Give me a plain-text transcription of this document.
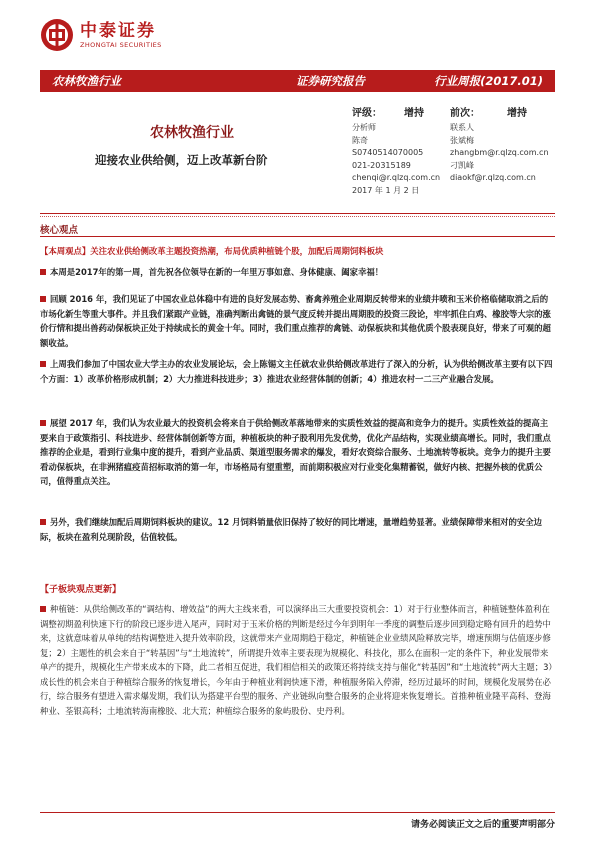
中泰证券
ZHONGTAI SECURITIES
农林牧渔行业	证券研究报告	行业周报(2017.01)
农林牧渔行业
迎接农业供给侧，迈上改革新台阶
评级： 增持	前次：	增持
分析师
陈奇
S0740514070005
021-20315189
chenqi@r.qlzq.com.cn
2017 年 1 月 2 日
联系人
张斌梅
zhangbm@r.qlzq.com.cn
刁凯峰
diaokf@r.qlzq.com.cn
核心观点
【本周观点】关注农业供给侧改革主题投资热潮，布局优质种植链个股，加配后周期饲料板块
本周是2017年的第一周，首先祝各位领导在新的一年里万事如意、身体健康、阖家幸福！
回顾 2016 年，我们见证了中国农业总体稳中有进的良好发展态势、畜禽养殖企业周期反转带来的业绩井喷和玉米价格临储取消之后的市场化新生等重大事件。并且我们紧跟产业链，准确判断出禽链的景气度反转并提出周期股的投资三段论，牢牢抓住白鸡、橡胶等大宗的涨价行情和提出兽药动保板块正处于持续成长的黄金十年。同时，我们重点推荐的禽链、动保板块和其他优质个股表现良好，带来了可观的超额收益。
上周我们参加了中国农业大学主办的农业发展论坛，会上陈锡文主任就农业供给侧改革进行了深入的分析，认为供给侧改革主要有以下四个方面：1）改革价格形成机制；2）大力推进科技进步；3）推进农业经营体制的创新；4）推进农村一二三产业融合发展。
展望 2017 年，我们认为农业最大的投资机会将来自于供给侧改革落地带来的实质性效益的提高和竞争力的提升。实质性效益的提高主要来自于政策指引、科技进步、经营体制创新等方面，种植板块的种子股利用先发优势，优化产品结构，实现业绩高增长。同时，我们重点推荐的企业是，看到行业集中度的提升，看到产业品质、渠道型服务需求的爆发，看好农资综合服务、土地流转等板块。竞争力的提升主要看动保板块，在非洲猪瘟疫苗招标取消的第一年，市场格局有望重塑，而前期积极应对行业变化集精蓄锐，做好内核、把握外核的优质公司，值得重点关注。
另外，我们继续加配后周期饲料板块的建议。12 月饲料销量依旧保持了较好的同比增速，量增趋势显著。业绩保障带来相对的安全边际，板块在盈利兑现阶段，估值较低。
【子板块观点更新】
种植链：从供给侧改革的“调结构、增效益”的两大主线来看，可以演绎出三大重要投资机会：1）对于行业整体而言，种植链整体盈利在调整初期盈利快速下行的阶段已逐步进入尾声，同时对于玉米价格的判断是经过今年到明年一季度的调整后逐步回到稳定略有回升的趋势中来，这就意味着从单纯的结构调整进入提升效率阶段，这就带来产业周期趋于稳定，种植链企业业绩风险释放完毕，增速预期与估值逐步修复；2）主题性的机会来自于“转基因”与“土地流转”，所谓提升效率主要表现为规模化、科技化，那么在面积一定的条件下，种业发展带来单产的提升，规模化生产带来成本的下降，此二者相互促进，我们相信相关的政策还将持续支持与催化“转基因”和“土地流转”两大主题；3）成长性的机会来自于种植综合服务的恢复增长，今年由于种植业利润快速下滑，种植服务陷入停滞，经历过最坏的时间，规模化发展势在必行，综合服务有望进入需求爆发期，我们认为搭建平台型的服务、产业链纵向整合服务的企业将迎来恢复增长。首推种植业隆平高科、登海种业、荃银高科；土地流转海南橡胶、北大荒；种植综合服务的象屿股份、史丹利。
请务必阅读正文之后的重要声明部分
